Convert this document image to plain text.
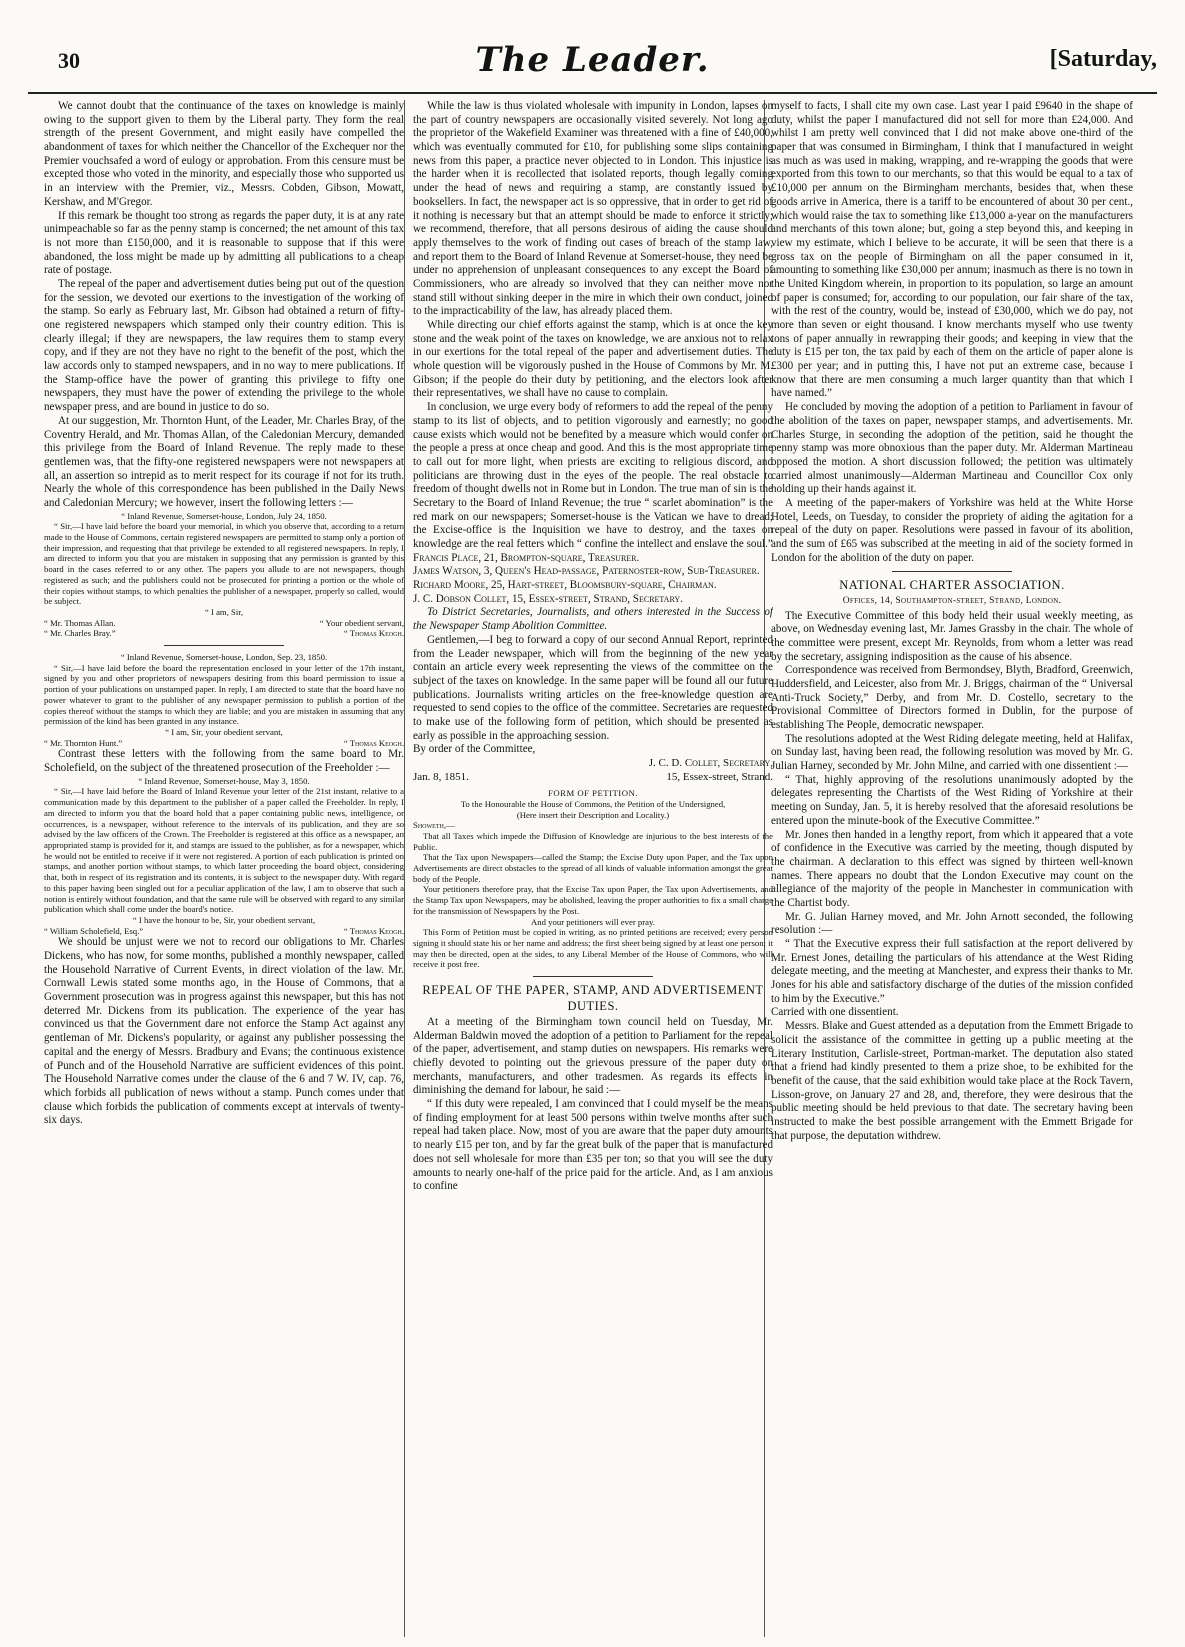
30	The Leader.	[Saturday,

We cannot doubt that the continuance of the taxes on knowledge is mainly owing to the support given to them by the Liberal party. They form the real strength of the present Government, and might easily have compelled the abandonment of taxes for which neither the Chancellor of the Exchequer nor the Premier vouchsafed a word of eulogy or approbation. From this censure must be excepted those who voted in the minority, and especially those who supported us in an interview with the Premier, viz., Messrs. Cobden, Gibson, Mowatt, Kershaw, and M'Gregor.

If this remark be thought too strong as regards the paper duty, it is at any rate unimpeachable so far as the penny stamp is concerned; the net amount of this tax is not more than £150,000, and it is reasonable to suppose that if this were abandoned, the loss might be made up by admitting all publications to a cheap rate of postage.

The repeal of the paper and advertisement duties being put out of the question for the session, we devoted our exertions to the investigation of the working of the stamp. So early as February last, Mr. Gibson had obtained a return of fifty-one registered newspapers which stamped only their country edition. This is clearly illegal; if they are newspapers, the law requires them to stamp every copy, and if they are not they have no right to the benefit of the post, which the law accords only to stamped newspapers, and in no way to mere publications. If the Stamp-office have the power of granting this privilege to fifty one newspapers, they must have the power of extending the privilege to the whole newspaper press, and are bound in justice to do so.

At our suggestion, Mr. Thornton Hunt, of the Leader, Mr. Charles Bray, of the Coventry Herald, and Mr. Thomas Allan, of the Caledonian Mercury, demanded this privilege from the Board of Inland Revenue. The reply made to these gentlemen was, that the fifty-one registered newspapers were not newspapers at all, an assertion so intrepid as to merit respect for its courage if not for its truth. Nearly the whole of this correspondence has been published in the Daily News and Caledonian Mercury; we however, insert the following letters :—

“ Inland Revenue, Somerset-house, London, July 24, 1850.

“ Sir,—I have laid before the board your memorial, in which you observe that, according to a return made to the House of Commons, certain registered newspapers are permitted to stamp only a portion of their impression, and requesting that that privilege be extended to all registered newspapers. In reply, I am directed to inform you that you are mistaken in supposing that any permission is granted by this board in the cases referred to or any other. The papers you allude to are not newspapers, though registered as such; and the publishers could not be prosecuted for printing a portion or the whole of their copies without stamps, to which penalties the publisher of a newspaper, properly so called, would be subject.

“ I am, Sir,

“ Mr. Thomas Allan.	“ Your obedient servant,
“ Mr. Charles Bray.”	“ Thomas Keogh.

“ Inland Revenue, Somerset-house, London, Sep. 23, 1850.

“ Sir,—I have laid before the board the representation enclosed in your letter of the 17th instant, signed by you and other proprietors of newspapers desiring from this board permission to issue a portion of your publications on unstamped paper. In reply, I am directed to state that the board have no power whatever to grant to the publisher of any newspaper permission to publish a portion of the copies thereof without the stamps to which they are liable; and you are mistaken in assuming that any permission of the kind has been granted in any instance.

“ I am, Sir, your obedient servant,

“ Mr. Thornton Hunt.”	“ Thomas Keogh.

Contrast these letters with the following from the same board to Mr. Scholefield, on the subject of the threatened prosecution of the Freeholder :—

“ Inland Revenue, Somerset-house, May 3, 1850.

“ Sir,—I have laid before the Board of Inland Revenue your letter of the 21st instant, relative to a communication made by this department to the publisher of a paper called the Freeholder. In reply, I am directed to inform you that the board hold that a paper containing public news, intelligence, or occurrences, is a newspaper, without reference to the intervals of its publication, and they are so advised by the law officers of the Crown. The Freeholder is registered at this office as a newspaper, an appropriated stamp is provided for it, and stamps are issued to the publisher, as for a newspaper, which he would not be entitled to receive if it were not registered. A portion of each publication is printed on stamps, and another portion without stamps, to which latter proceeding the board object, considering that, both in respect of its registration and its contents, it is subject to the newspaper duty. With regard to this paper having been singled out for a peculiar application of the law, I am to observe that such a notion is entirely without foundation, and that the same rule will be observed with regard to any similar publication which shall come under the board's notice.

“ I have the honour to be, Sir, your obedient servant,

“ William Scholefield, Esq.”	“ Thomas Keogh.

We should be unjust were we not to record our obligations to Mr. Charles Dickens, who has now, for some months, published a monthly newspaper, called the Household Narrative of Current Events, in direct violation of the law. Mr. Cornwall Lewis stated some months ago, in the House of Commons, that a Government prosecution was in progress against this newspaper, but this has not deterred Mr. Dickens from its publication. The experience of the year has convinced us that the Government dare not enforce the Stamp Act against any gentleman of Mr. Dickens's popularity, or against any publisher possessing the capital and the energy of Messrs. Bradbury and Evans; the continuous existence of Punch and of the Household Narrative are sufficient evidences of this point. The Household Narrative comes under the clause of the 6 and 7 W. IV, cap. 76, which forbids all publication of news without a stamp. Punch comes under that clause which forbids the publication of comments except at intervals of twenty-six days.

While the law is thus violated wholesale with impunity in London, lapses on the part of country newspapers are occasionally visited severely. Not long ago the proprietor of the Wakefield Examiner was threatened with a fine of £40,000, which was eventually commuted for £10, for publishing some slips containing news from this paper, a practice never objected to in London. This injustice is the harder when it is recollected that isolated reports, though legally coming under the head of news and requiring a stamp, are constantly issued by booksellers. In fact, the newspaper act is so oppressive, that in order to get rid of it nothing is necessary but that an attempt should be made to enforce it strictly; we recommend, therefore, that all persons desirous of aiding the cause should apply themselves to the work of finding out cases of breach of the stamp law, and report them to the Board of Inland Revenue at Somerset-house, they need be under no apprehension of unpleasant consequences to any except the Board of Commissioners, who are already so involved that they can neither move nor stand still without sinking deeper in the mire in which their own conduct, joined to the impracticability of the law, has already placed them.

While directing our chief efforts against the stamp, which is at once the key stone and the weak point of the taxes on knowledge, we are anxious not to relax in our exertions for the total repeal of the paper and advertisement duties. The whole question will be vigorously pushed in the House of Commons by Mr. M. Gibson; if the people do their duty by petitioning, and the electors look after their representatives, we shall have no cause to complain.

In conclusion, we urge every body of reformers to add the repeal of the penny stamp to its list of objects, and to petition vigorously and earnestly; no good cause exists which would not be benefited by a measure which would confer on the people a press at once cheap and good. And this is the most appropriate time to call out for more light, when priests are exciting to religious discord, and politicians are throwing dust in the eyes of the people. The real obstacle to freedom of thought dwells not in Rome but in London. The true man of sin is the Secretary to the Board of Inland Revenue; the true “ scarlet abomination” is the red mark on our newspapers; Somerset-house is the Vatican we have to dread; the Excise-office is the Inquisition we have to destroy, and the taxes on knowledge are the real fetters which “ confine the intellect and enslave the soul.”

Francis Place, 21, Brompton-square, Treasurer.

James Watson, 3, Queen's Head-passage, Paternoster-row, Sub-Treasurer.

Richard Moore, 25, Hart-street, Bloomsbury-square, Chairman.

J. C. Dobson Collet, 15, Essex-street, Strand, Secretary.

To District Secretaries, Journalists, and others interested in the Success of the Newspaper Stamp Abolition Committee.

Gentlemen,—I beg to forward a copy of our second Annual Report, reprinted from the Leader newspaper, which will from the beginning of the new year contain an article every week representing the views of the committee on the subject of the taxes on knowledge. In the same paper will be found all our future publications. Journalists writing articles on the free-knowledge question are requested to send copies to the office of the committee. Secretaries are requested to make use of the following form of petition, which should be presented as early as possible in the approaching session.

By order of the Committee,

J. C. D. Collet, Secretary,
Jan. 8, 1851.	15, Essex-street, Strand.

FORM OF PETITION.

To the Honourable the House of Commons, the Petition of the Undersigned,

(Here insert their Description and Locality.)

Showeth,—

That all Taxes which impede the Diffusion of Knowledge are injurious to the best interests of the Public.

That the Tax upon Newspapers—called the Stamp; the Excise Duty upon Paper, and the Tax upon Advertisements are direct obstacles to the spread of all kinds of valuable information amongst the great body of the People.

Your petitioners therefore pray, that the Excise Tax upon Paper, the Tax upon Advertisements, and the Stamp Tax upon Newspapers, may be abolished, leaving the proper authorities to fix a small charge for the transmission of Newspapers by the Post.

And your petitioners will ever pray.

This Form of Petition must be copied in writing, as no printed petitions are received; every person signing it should state his or her name and address; the first sheet being signed by at least one person; it may then be directed, open at the sides, to any Liberal Member of the House of Commons, who will receive it post free.

REPEAL OF THE PAPER, STAMP, AND ADVERTISEMENT DUTIES.

At a meeting of the Birmingham town council held on Tuesday, Mr. Alderman Baldwin moved the adoption of a petition to Parliament for the repeal of the paper, advertisement, and stamp duties on newspapers. His remarks were chiefly devoted to pointing out the grievous pressure of the paper duty on merchants, manufacturers, and other tradesmen. As regards its effects in diminishing the demand for labour, he said :—

“ If this duty were repealed, I am convinced that I could myself be the means of finding employment for at least 500 persons within twelve months after such repeal had taken place. Now, most of you are aware that the paper duty amounts to nearly £15 per ton, and by far the great bulk of the paper that is manufactured does not sell wholesale for more than £35 per ton; so that you will see the duty amounts to nearly one-half of the price paid for the article. And, as I am anxious to confine

myself to facts, I shall cite my own case. Last year I paid £9640 in the shape of duty, whilst the paper I manufactured did not sell for more than £24,000. And whilst I am pretty well convinced that I did not make above one-third of the paper that was consumed in Birmingham, I think that I manufactured in weight as much as was used in making, wrapping, and re-wrapping the goods that were exported from this town to our merchants, so that this would be equal to a tax of £10,000 per annum on the Birmingham merchants, besides that, when these goods arrive in America, there is a tariff to be encountered of about 30 per cent., which would raise the tax to something like £13,000 a-year on the manufacturers and merchants of this town alone; but, going a step beyond this, and keeping in view my estimate, which I believe to be accurate, it will be seen that there is a gross tax on the people of Birmingham on all the paper consumed in it, amounting to something like £30,000 per annum; inasmuch as there is no town in the United Kingdom wherein, in proportion to its population, so large an amount of paper is consumed; for, according to our population, our fair share of the tax, with the rest of the country, would be, instead of £30,000, which we do pay, not more than seven or eight thousand. I know merchants myself who use twenty tons of paper annually in rewrapping their goods; and keeping in view that the duty is £15 per ton, the tax paid by each of them on the article of paper alone is £300 per year; and in putting this, I have not put an extreme case, because I know that there are men consuming a much larger quantity than that which I have named.”

He concluded by moving the adoption of a petition to Parliament in favour of the abolition of the taxes on paper, newspaper stamps, and advertisements. Mr. Charles Sturge, in seconding the adoption of the petition, said he thought the penny stamp was more obnoxious than the paper duty. Mr. Alderman Martineau opposed the motion. A short discussion followed; the petition was ultimately carried almost unanimously—Alderman Martineau and Councillor Cox only holding up their hands against it.

A meeting of the paper-makers of Yorkshire was held at the White Horse Hotel, Leeds, on Tuesday, to consider the propriety of aiding the agitation for a repeal of the duty on paper. Resolutions were passed in favour of its abolition, and the sum of £65 was subscribed at the meeting in aid of the society formed in London for the abolition of the duty on paper.

NATIONAL CHARTER ASSOCIATION.
Offices, 14, Southampton-street, Strand, London.

The Executive Committee of this body held their usual weekly meeting, as above, on Wednesday evening last, Mr. James Grassby in the chair. The whole of the committee were present, except Mr. Reynolds, from whom a letter was read by the secretary, assigning indisposition as the cause of his absence.

Correspondence was received from Bermondsey, Blyth, Bradford, Greenwich, Huddersfield, and Leicester, also from Mr. J. Briggs, chairman of the “ Universal Anti-Truck Society,” Derby, and from Mr. D. Costello, secretary to the Provisional Committee of Directors formed in Dublin, for the purpose of establishing The People, democratic newspaper.

The resolutions adopted at the West Riding delegate meeting, held at Halifax, on Sunday last, having been read, the following resolution was moved by Mr. G. Julian Harney, seconded by Mr. John Milne, and carried with one dissentient :—

“ That, highly approving of the resolutions unanimously adopted by the delegates representing the Chartists of the West Riding of Yorkshire at their meeting on Sunday, Jan. 5, it is hereby resolved that the aforesaid resolutions be entered upon the minute-book of the Executive Committee.”

Mr. Jones then handed in a lengthy report, from which it appeared that a vote of confidence in the Executive was carried by the meeting, though disputed by the chairman. A declaration to this effect was signed by thirteen well-known names. There appears no doubt that the London Executive may count on the allegiance of the majority of the people in Manchester in communication with the Chartist body.

Mr. G. Julian Harney moved, and Mr. John Arnott seconded, the following resolution :—

“ That the Executive express their full satisfaction at the report delivered by Mr. Ernest Jones, detailing the particulars of his attendance at the West Riding delegate meeting, and the meeting at Manchester, and express their thanks to Mr. Jones for his able and satisfactory discharge of the duties of the mission confided to him by the Executive.”

Carried with one dissentient.

Messrs. Blake and Guest attended as a deputation from the Emmett Brigade to solicit the assistance of the committee in getting up a public meeting at the Literary Institution, Carlisle-street, Portman-market. The deputation also stated that a friend had kindly presented to them a prize shoe, to be exhibited for the benefit of the cause, that the said exhibition would take place at the Rock Tavern, Lisson-grove, on January 27 and 28, and, therefore, they were desirous that the public meeting should be held previous to that date. The secretary having been instructed to make the best possible arrangement with the Emmett Brigade for that purpose, the deputation withdrew.
